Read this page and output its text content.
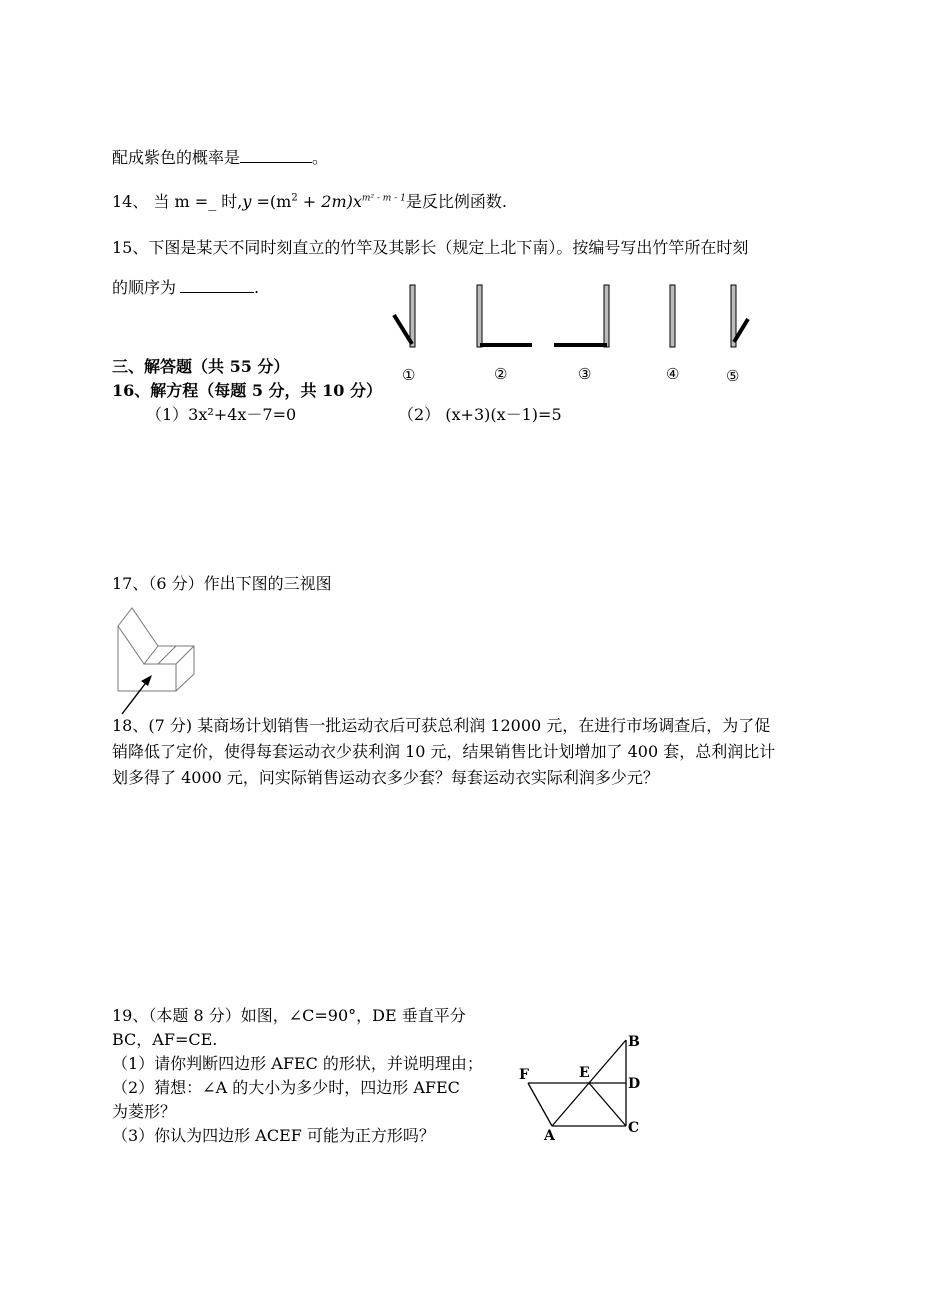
配成紫色的概率是	。
14、 当 m =_ 时$,y =(m^2 + 2m)x^{m^2 - m - 1}$是反比例函数.
15、下图是某天不同时刻直立的竹竿及其影长（规定上北下南）。按编号写出竹竿所在时刻
的顺序为	.
①	②	③	④	⑤
三、解答题（共 55 分）
16、解方程（每题 5 分，共 10 分）
（1）3x²+4x－7=0	（2） (x+3)(x－1)=5
17、（6 分）作出下图的三视图
18、(7 分) 某商场计划销售一批运动衣后可获总利润 12000 元，在进行市场调查后，为了促
销降低了定价，使得每套运动衣少获利润 10 元，结果销售比计划增加了 400 套，总利润比计
划多得了 4000 元，问实际销售运动衣多少套？每套运动衣实际利润多少元？
19、（本题 8 分）如图，∠C=90°，DE 垂直平分
BC，AF=CE.
（1）请你判断四边形 AFEC 的形状，并说明理由；
（2）猜想：∠A 的大小为多少时，四边形 AFEC
为菱形？
（3）你认为四边形 ACEF 可能为正方形吗？
B
F	E
D
A	C
